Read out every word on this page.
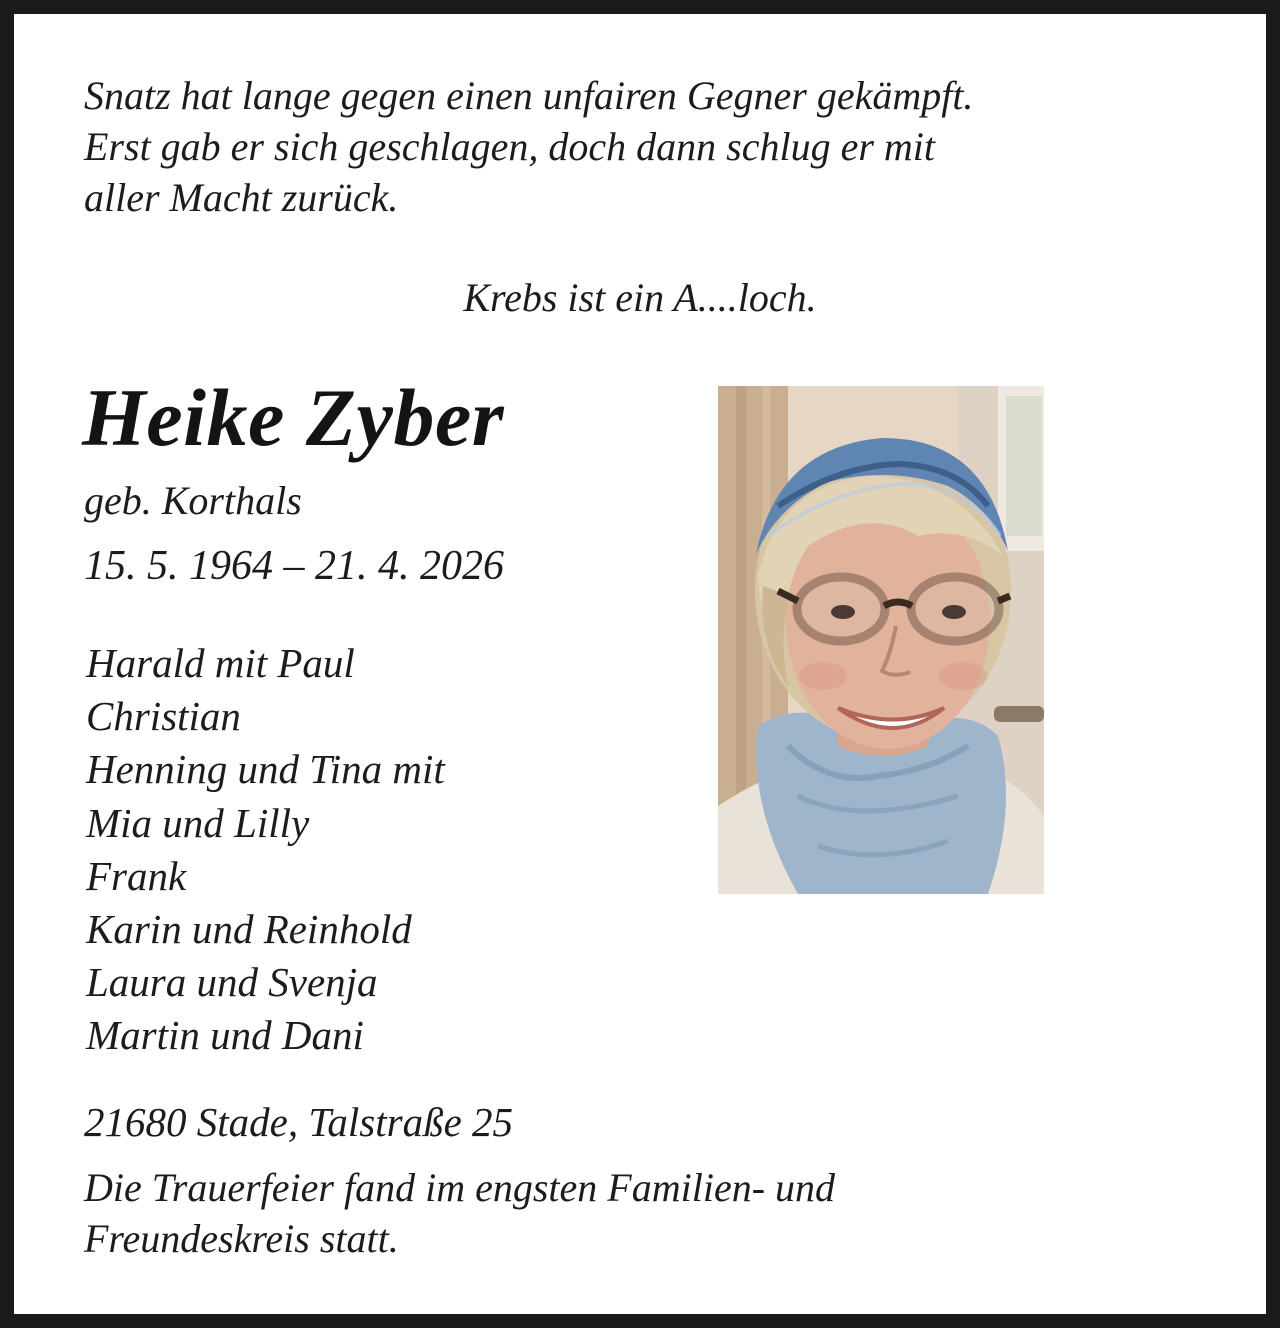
Snatz hat lange gegen einen unfairen Gegner gekämpft.
Erst gab er sich geschlagen, doch dann schlug er mit
aller Macht zurück.
Krebs ist ein A....loch.
Heike Zyber
geb. Korthals
15. 5. 1964 – 21. 4. 2026
Harald mit Paul
Christian
Henning und Tina mit
Mia und Lilly
Frank
Karin und Reinhold
Laura und Svenja
Martin und Dani
21680 Stade, Talstraße 25
Die Trauerfeier fand im engsten Familien- und
Freundeskreis statt.
